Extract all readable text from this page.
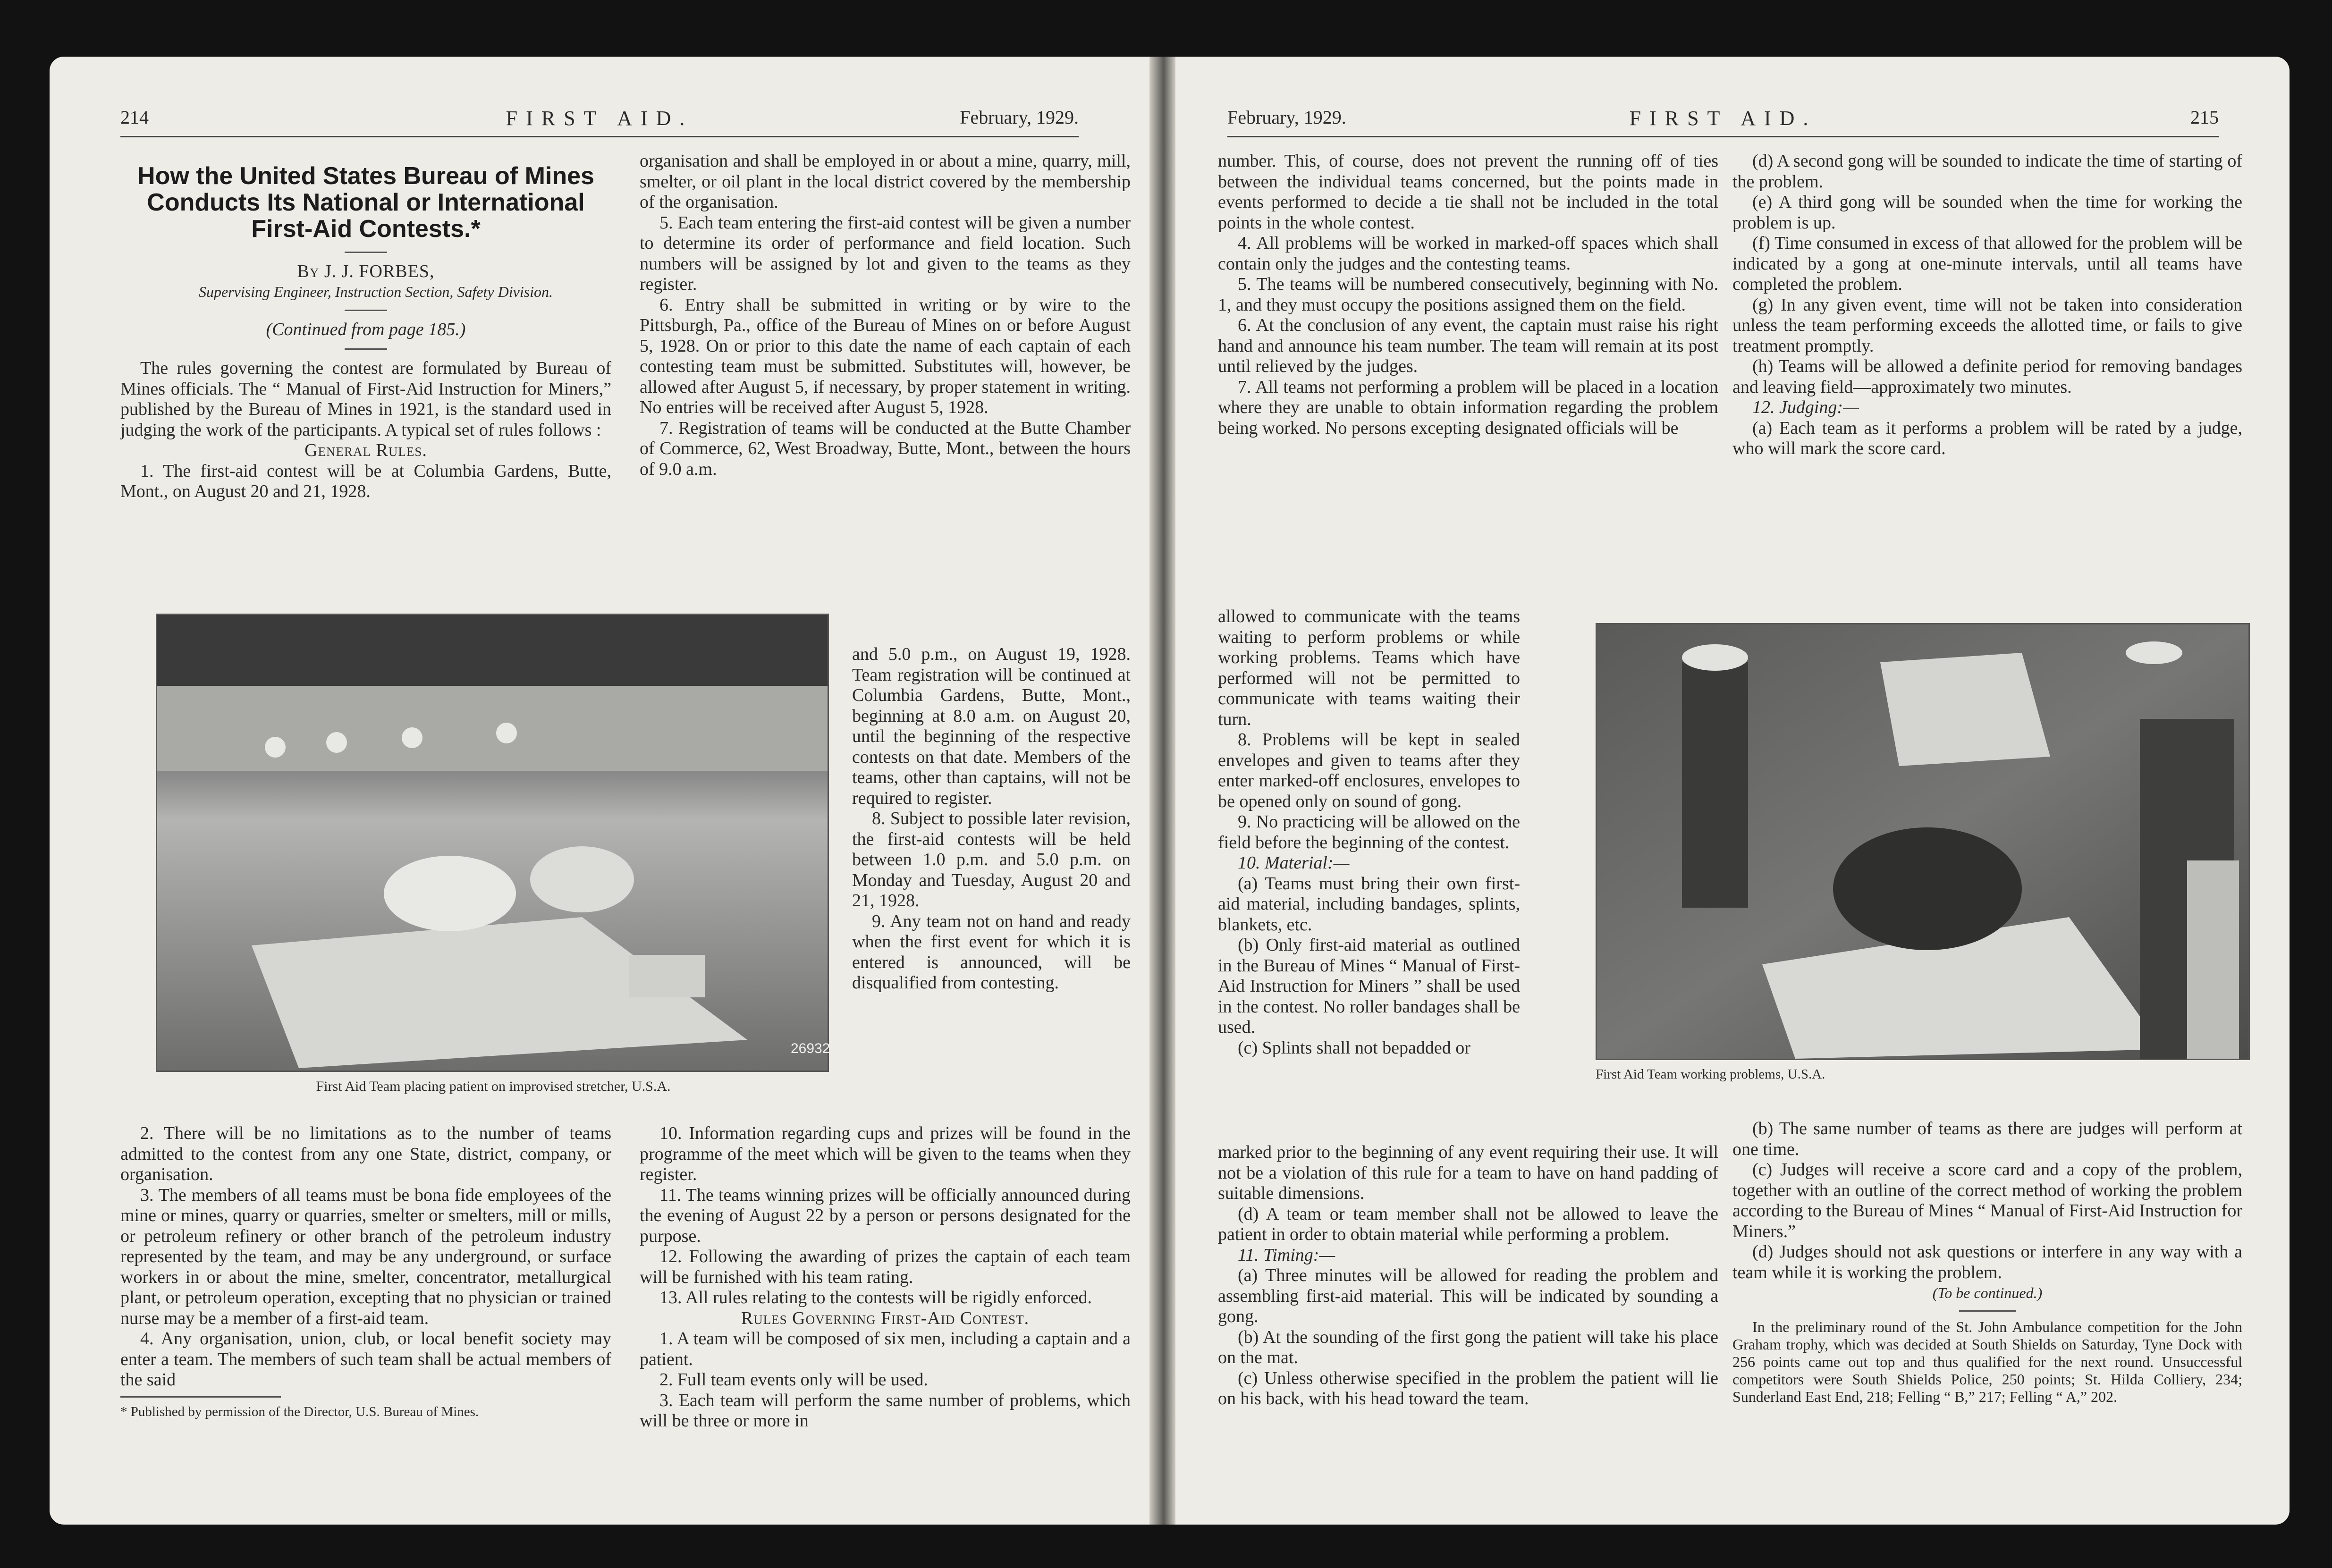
214	FIRST AID.	February, 1929.
How the United States Bureau of Mines Conducts Its National or International First-Aid Contests.*

By J. J. FORBES,

Supervising Engineer, Instruction Section, Safety Division.

(Continued from page 185.)

The rules governing the contest are formulated by Bureau of Mines officials. The “ Manual of First-Aid Instruction for Miners,” published by the Bureau of Mines in 1921, is the standard used in judging the work of the participants. A typical set of rules follows :

General Rules.

1. The first-aid contest will be at Columbia Gardens, Butte, Mont., on August 20 and 21, 1928.

First Aid Team placing patient on improvised stretcher, U.S.A.

2. There will be no limitations as to the number of teams admitted to the contest from any one State, district, company, or organisation.

3. The members of all teams must be bona fide employees of the mine or mines, quarry or quarries, smelter or smelters, mill or mills, or petroleum refinery or other branch of the petroleum industry represented by the team, and may be any underground, or surface workers in or about the mine, smelter, concentrator, metallurgical plant, or petroleum operation, excepting that no physician or trained nurse may be a member of a first-aid team.

4. Any organisation, union, club, or local benefit society may enter a team. The members of such team shall be actual members of the said

* Published by permission of the Director, U.S. Bureau of Mines.

organisation and shall be employed in or about a mine, quarry, mill, smelter, or oil plant in the local district covered by the membership of the organisation.

5. Each team entering the first-aid contest will be given a number to determine its order of performance and field location. Such numbers will be assigned by lot and given to the teams as they register.

6. Entry shall be submitted in writing or by wire to the Pittsburgh, Pa., office of the Bureau of Mines on or before August 5, 1928. On or prior to this date the name of each captain of each contesting team must be submitted. Substitutes will, however, be allowed after August 5, if necessary, by proper statement in writing. No entries will be received after August 5, 1928.

7. Registration of teams will be conducted at the Butte Chamber of Commerce, 62, West Broadway, Butte, Mont., between the hours of 9.0 a.m.

and 5.0 p.m., on August 19, 1928. Team registration will be continued at Columbia Gardens, Butte, Mont., beginning at 8.0 a.m. on August 20, until the beginning of the respective contests on that date. Members of the teams, other than captains, will not be required to register.

8. Subject to possible later revision, the first-aid contests will be held between 1.0 p.m. and 5.0 p.m. on Monday and Tuesday, August 20 and 21, 1928.

9. Any team not on hand and ready when the first event for which it is entered is announced, will be disqualified from contesting.

10. Information regarding cups and prizes will be found in the programme of the meet which will be given to the teams when they register.

11. The teams winning prizes will be officially announced during the evening of August 22 by a person or persons designated for the purpose.

12. Following the awarding of prizes the captain of each team will be furnished with his team rating.

13. All rules relating to the contests will be rigidly enforced.

Rules Governing First-Aid Contest.

1. A team will be composed of six men, including a captain and a patient.

2. Full team events only will be used.

3. Each team will perform the same number of problems, which will be three or more in

26932
215
FIRST AID.
February, 1929.

number. This, of course, does not prevent the running off of ties between the individual teams concerned, but the points made in events performed to decide a tie shall not be included in the total points in the whole contest.

4. All problems will be worked in marked-off spaces which shall contain only the judges and the contesting teams.

5. The teams will be numbered consecutively, beginning with No. 1, and they must occupy the positions assigned them on the field.

6. At the conclusion of any event, the captain must raise his right hand and announce his team number. The team will remain at its post until relieved by the judges.

7. All teams not performing a problem will be placed in a location where they are unable to obtain information regarding the problem being worked. No persons excepting designated officials will be

allowed to communicate with the teams waiting to perform problems or while working problems. Teams which have performed will not be permitted to communicate with teams waiting their turn.

8. Problems will be kept in sealed envelopes and given to teams after they enter marked-off enclosures, envelopes to be opened only on sound of gong.

9. No practicing will be allowed on the field before the beginning of the contest.

10. Material:—

(a) Teams must bring their own first-aid material, including bandages, splints, blankets, etc.

(b) Only first-aid material as outlined in the Bureau of Mines “ Manual of First-Aid Instruction for Miners ” shall be used in the contest. No roller bandages shall be used.

(c) Splints shall not bepadded or

marked prior to the beginning of any event requiring their use. It will not be a violation of this rule for a team to have on hand padding of suitable dimensions.

(d) A team or team member shall not be allowed to leave the patient in order to obtain material while performing a problem.

11. Timing:—

(a) Three minutes will be allowed for reading the problem and assembling first-aid material. This will be indicated by sounding a gong.

(b) At the sounding of the first gong the patient will take his place on the mat.

(c) Unless otherwise specified in the problem the patient will lie on his back, with his head toward the team.

(d) A second gong will be sounded to indicate the time of starting of the problem.

(e) A third gong will be sounded when the time for working the problem is up.

(f) Time consumed in excess of that allowed for the problem will be indicated by a gong at one-minute intervals, until all teams have completed the problem.

(g) In any given event, time will not be taken into consideration unless the team performing exceeds the allotted time, or fails to give treatment promptly.

(h) Teams will be allowed a definite period for removing bandages and leaving field—approximately two minutes.

12. Judging:—

(a) Each team as it performs a problem will be rated by a judge, who will mark the score card.

First Aid Team working problems, U.S.A.

(b) The same number of teams as there are judges will perform at one time.

(c) Judges will receive a score card and a copy of the problem, together with an outline of the correct method of working the problem according to the Bureau of Mines “ Manual of First-Aid Instruction for Miners.”

(d) Judges should not ask questions or interfere in any way with a team while it is working the problem.

(To be continued.)

In the preliminary round of the St. John Ambulance competition for the John Graham trophy, which was decided at South Shields on Saturday, Tyne Dock with 256 points came out top and thus qualified for the next round. Unsuccessful competitors were South Shields Police, 250 points; St. Hilda Colliery, 234; Sunderland East End, 218; Felling “ B,” 217; Felling “ A,” 202.
